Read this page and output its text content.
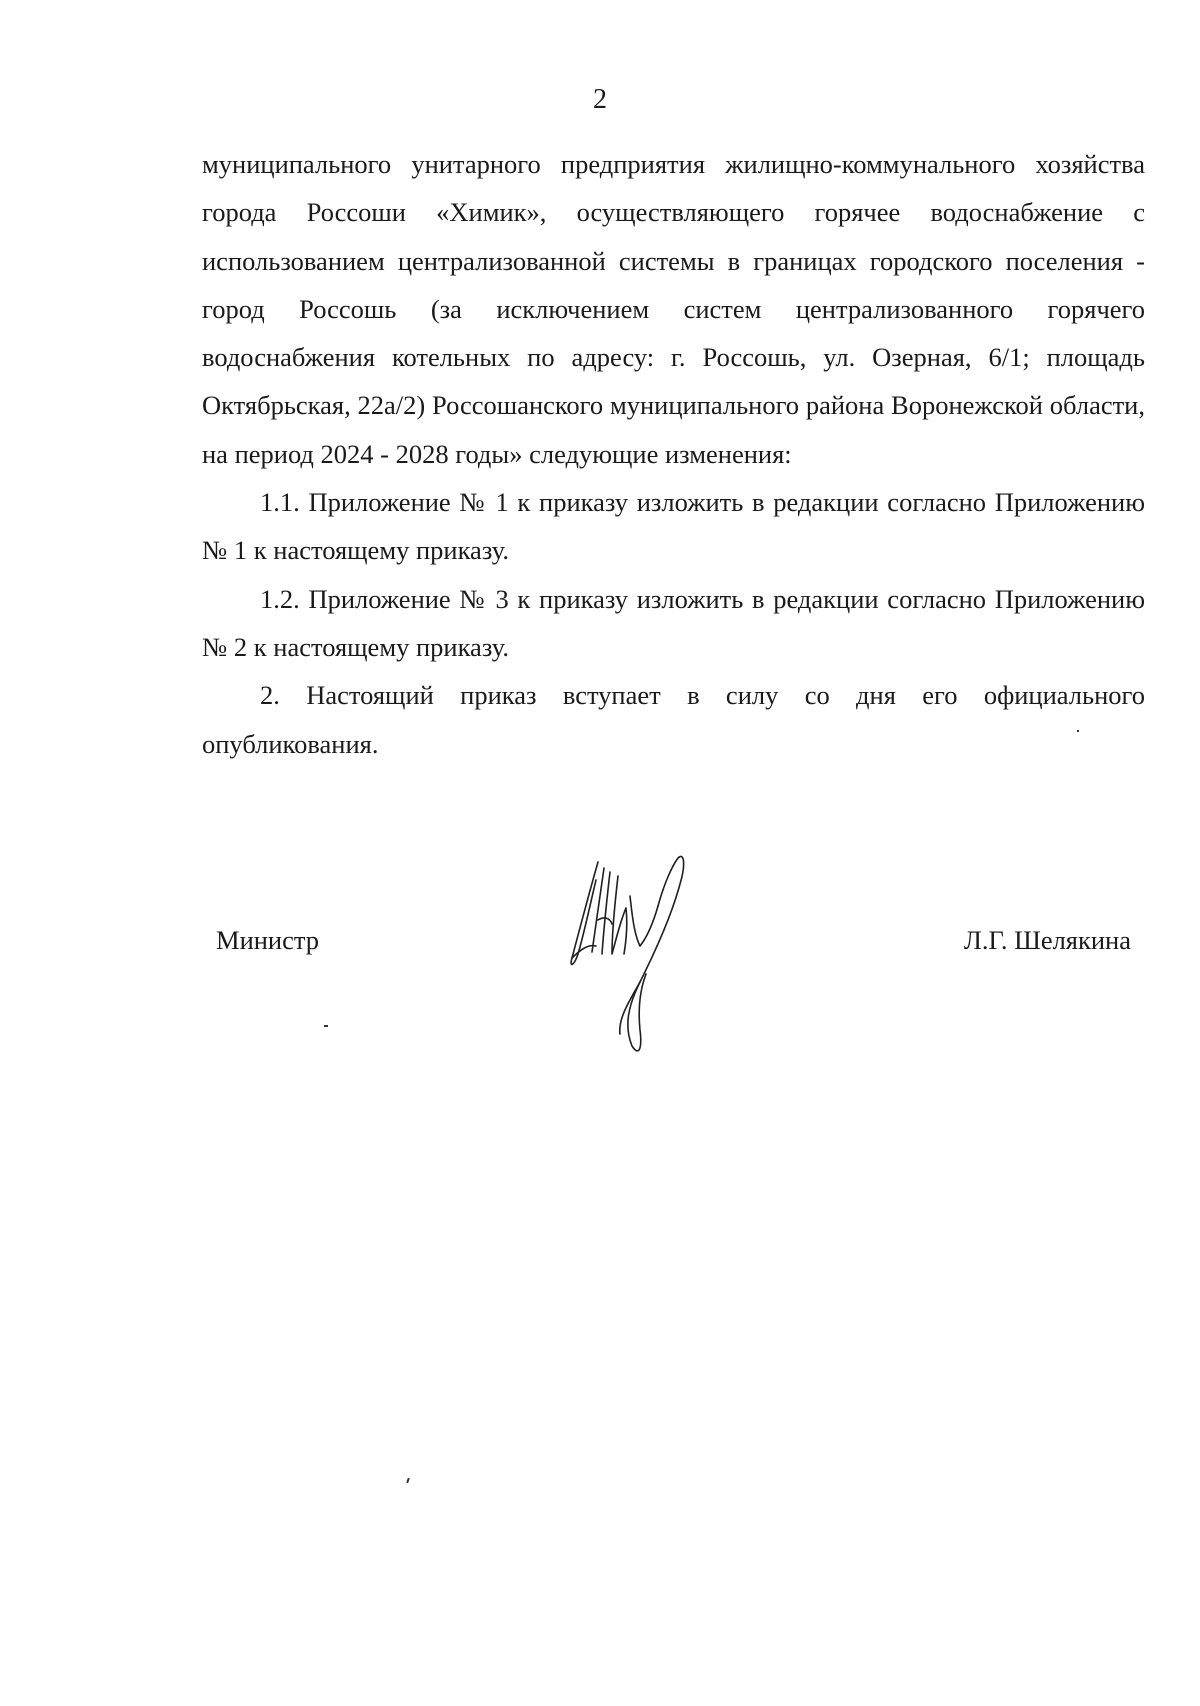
2

муниципального унитарного предприятия жилищно-коммунального хозяйства города Россоши «Химик», осуществляющего горячее водоснабжение с использованием централизованной системы в границах городского поселения - город Россошь (за исключением систем централизованного горячего водоснабжения котельных по адресу: г. Россошь, ул. Озерная, 6/1; площадь Октябрьская, 22а/2) Россошанского муниципального района Воронежской области, на период 2024 - 2028 годы» следующие изменения:

1.1. Приложение № 1 к приказу изложить в редакции согласно Приложению № 1 к настоящему приказу.

1.2. Приложение № 3 к приказу изложить в редакции согласно Приложению № 2 к настоящему приказу.

2. Настоящий приказ вступает в силу со дня его официального опубликования.

Министр	Л.Г. Шелякина
